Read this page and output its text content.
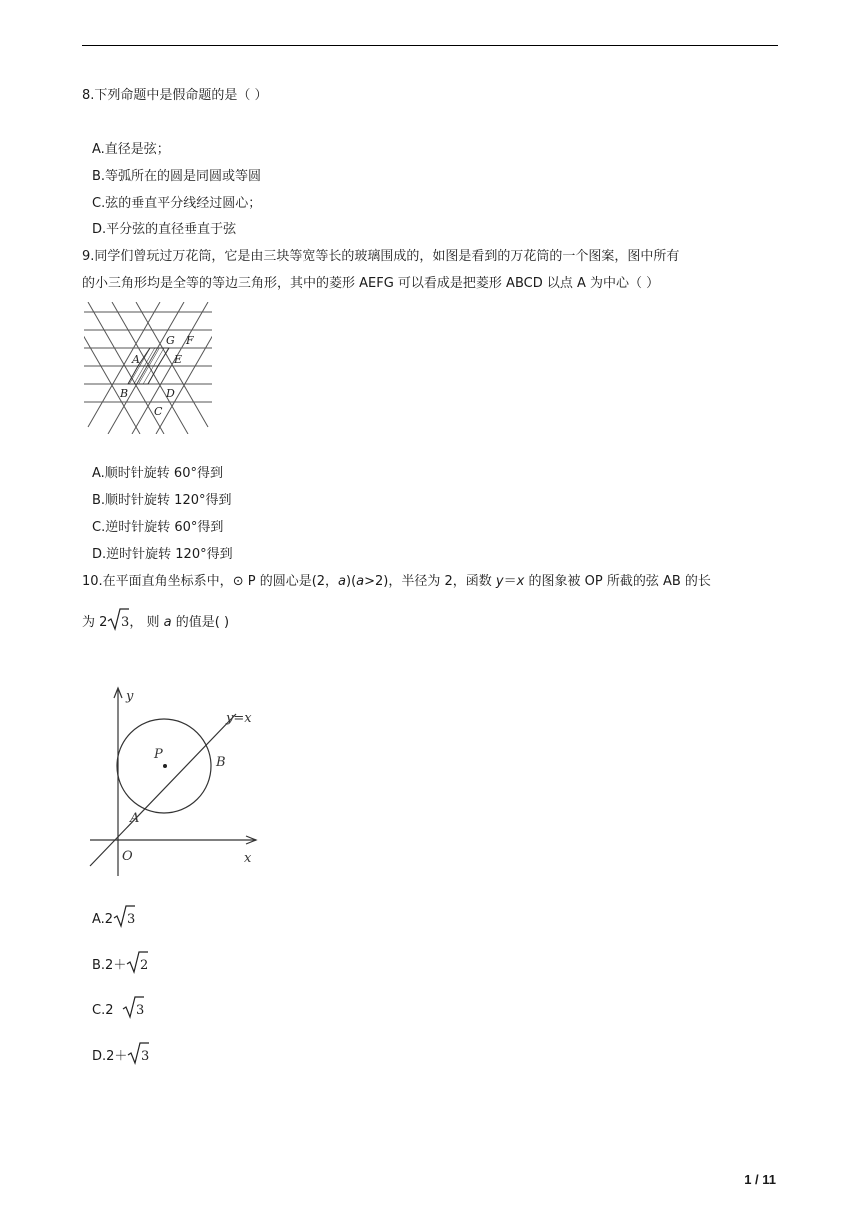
8.下列命题中是假命题的是（ ）
A.直径是弦；
B.等弧所在的圆是同圆或等圆
C.弦的垂直平分线经过圆心；
D.平分弦的直径垂直于弦
9.同学们曾玩过万花筒，它是由三块等宽等长的玻璃围成的，如图是看到的万花筒的一个图案，图中所有
的小三角形均是全等的等边三角形，其中的菱形 AEFG 可以看成是把菱形 ABCD 以点 A 为中心（ ）
G F
A	E
B	D
C
A.顺时针旋转 60°得到
B.顺时针旋转 120°得到
C.逆时针旋转 60°得到
D.逆时针旋转 120°得到
10.在平面直角坐标系中，⊙ P 的圆心是(2，a)(a>2)，半径为 2，函数 y＝x 的图象被 OP 所截的弦 AB 的长
为 2 3 ， 则 a 的值是( )
y
y=x
P
B
A
O	x
A.2 3
B.2＋ 2
C.2 3
D.2＋ 3
1 / 11
